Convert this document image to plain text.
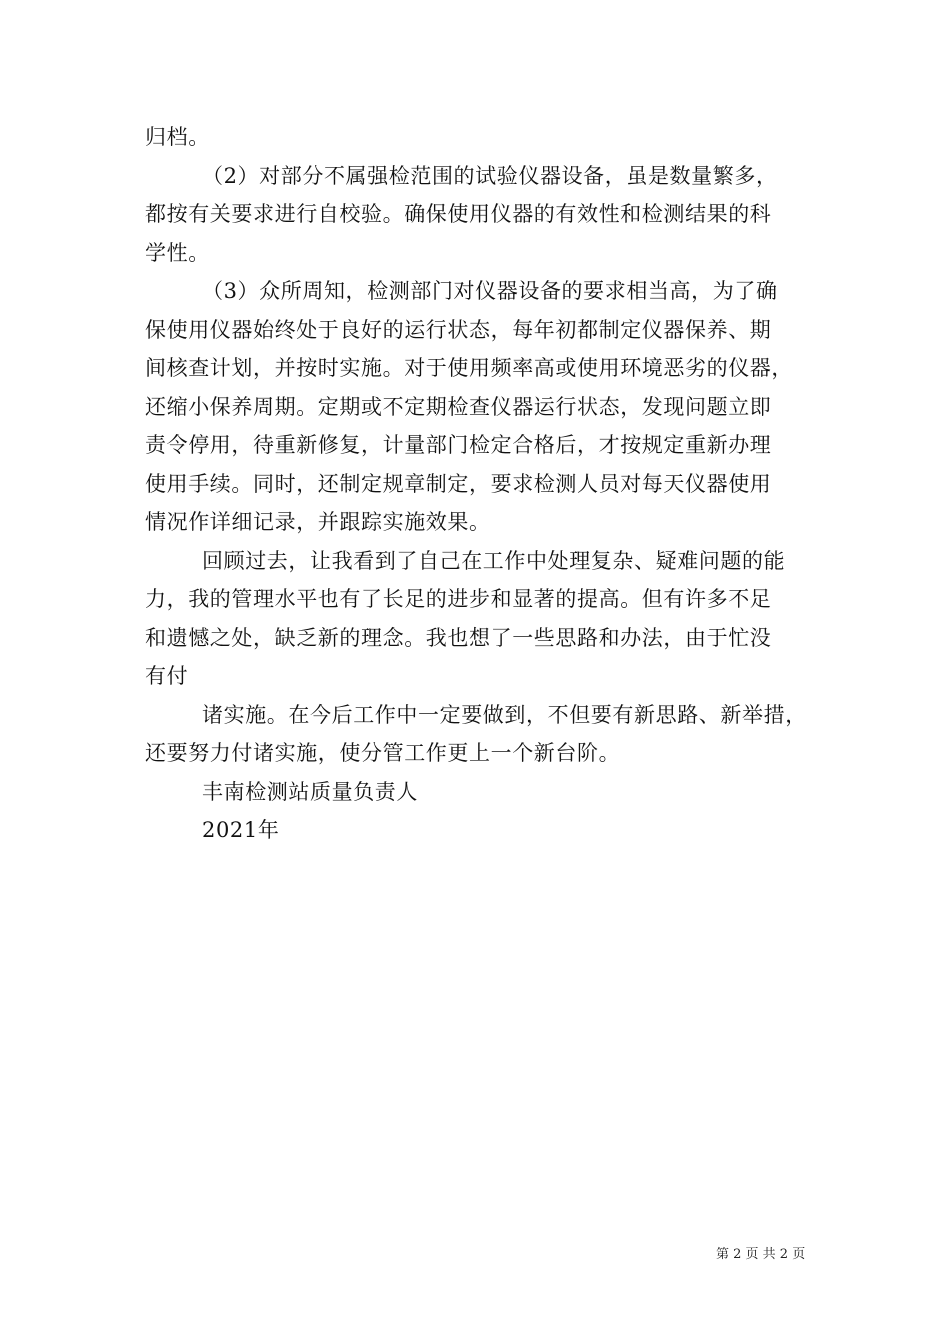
归档。
（2）对部分不属强检范围的试验仪器设备，虽是数量繁多，
都按有关要求进行自校验。确保使用仪器的有效性和检测结果的科
学性。
（3）众所周知，检测部门对仪器设备的要求相当高，为了确
保使用仪器始终处于良好的运行状态，每年初都制定仪器保养、期
间核查计划，并按时实施。对于使用频率高或使用环境恶劣的仪器，
还缩小保养周期。定期或不定期检查仪器运行状态，发现问题立即
责令停用，待重新修复，计量部门检定合格后，才按规定重新办理
使用手续。同时，还制定规章制定，要求检测人员对每天仪器使用
情况作详细记录，并跟踪实施效果。
回顾过去，让我看到了自己在工作中处理复杂、疑难问题的能
力，我的管理水平也有了长足的进步和显著的提高。但有许多不足
和遗憾之处，缺乏新的理念。我也想了一些思路和办法，由于忙没
有付
诸实施。在今后工作中一定要做到，不但要有新思路、新举措，
还要努力付诸实施，使分管工作更上一个新台阶。
丰南检测站质量负责人
2021年
第 2 页 共 2 页
